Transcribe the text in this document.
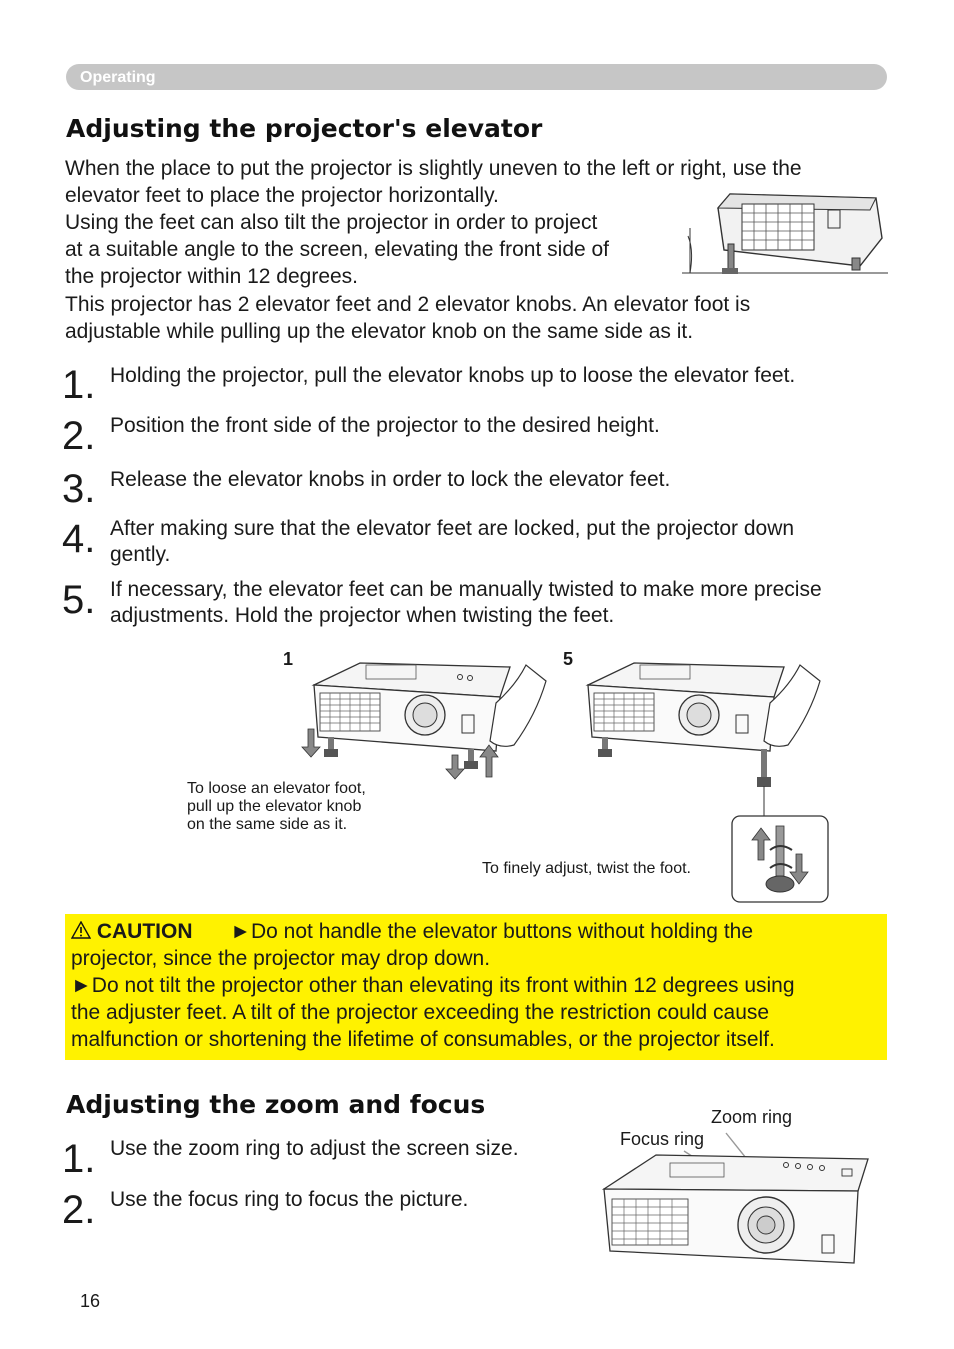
Operating
Adjusting the projector's elevator
When the place to put the projector is slightly uneven to the left or right, use the
elevator feet to place the projector horizontally.
Using the feet can also tilt the projector in order to project
at a suitable angle to the screen, elevating the front side of
the projector within 12 degrees.
This projector has 2 elevator feet and 2 elevator knobs. An elevator foot is
adjustable while pulling up the elevator knob on the same side as it.
1. Holding the projector, pull the elevator knobs up to loose the elevator feet.
2. Position the front side of the projector to the desired height.
3. Release the elevator knobs in order to lock the elevator feet.
4. After making sure that the elevator feet are locked, put the projector down
gently.
5. If necessary, the elevator feet can be manually twisted to make more precise
adjustments. Hold the projector when twisting the feet.
1	5
To loose an elevator foot,
pull up the elevator knob
on the same side as it.
To finely adjust, twist the foot.
CAUTION ►Do not handle the elevator buttons without holding the
projector, since the projector may drop down.
►Do not tilt the projector other than elevating its front within 12 degrees using
the adjuster feet. A tilt of the projector exceeding the restriction could cause
malfunction or shortening the lifetime of consumables, or the projector itself.
Adjusting the zoom and focus
1. Use the zoom ring to adjust the screen size.
2. Use the focus ring to focus the picture.
Zoom ring
Focus ring
16
